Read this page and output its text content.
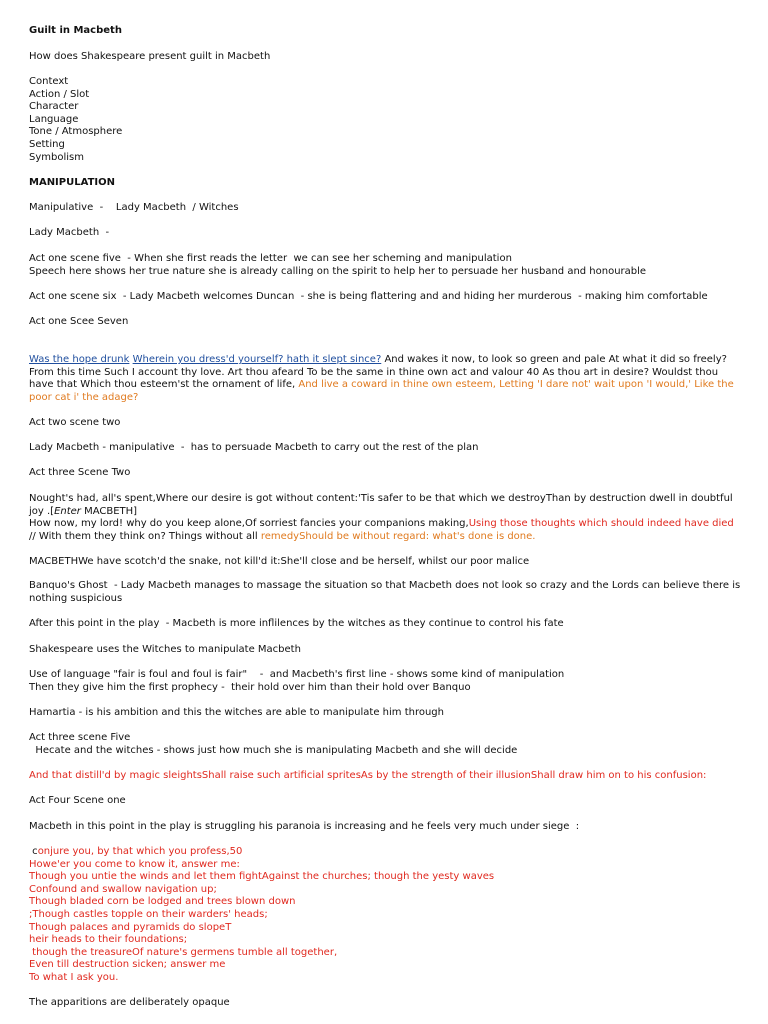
Guilt in Macbeth

How does Shakespeare present guilt in Macbeth

Context
Action / Slot
Character
Language
Tone / Atmosphere
Setting
Symbolism

MANIPULATION

Manipulative  -    Lady Macbeth  / Witches

Lady Macbeth  -

Act one scene five  - When she first reads the letter  we can see her scheming and manipulation
Speech here shows her true nature she is already calling on the spirit to help her to persuade her husband and honourable

Act one scene six  - Lady Macbeth welcomes Duncan  - she is being flattering and and hiding her murderous  - making him comfortable

Act one Scee Seven

Was the hope drunk Wherein you dress'd yourself? hath it slept since? And wakes it now, to look so green and pale At what it did so freely? From this time Such I account thy love. Art thou afeard To be the same in thine own act and valour 40 As thou art in desire? Wouldst thou have that Which thou esteem'st the ornament of life, And live a coward in thine own esteem, Letting 'I dare not' wait upon 'I would,' Like the poor cat i' the adage?

Act two scene two

Lady Macbeth - manipulative  -  has to persuade Macbeth to carry out the rest of the plan

Act three Scene Two

Nought's had, all's spent,Where our desire is got without content:'Tis safer to be that which we destroyThan by destruction dwell in doubtful joy .[Enter MACBETH]
How now, my lord! why do you keep alone,Of sorriest fancies your companions making,Using those thoughts which should indeed have died // With them they think on? Things without all remedyShould be without regard: what's done is done.

MACBETHWe have scotch'd the snake, not kill'd it:She'll close and be herself, whilst our poor malice

Banquo's Ghost  - Lady Macbeth manages to massage the situation so that Macbeth does not look so crazy and the Lords can believe there is nothing suspicious

After this point in the play  - Macbeth is more inflilences by the witches as they continue to control his fate

Shakespeare uses the Witches to manipulate Macbeth

Use of language "fair is foul and foul is fair"    -  and Macbeth's first line - shows some kind of manipulation
Then they give him the first prophecy -  their hold over him than their hold over Banquo

Hamartia - is his ambition and this the witches are able to manipulate him through

Act three scene Five
Hecate and the witches - shows just how much she is manipulating Macbeth and she will decide

And that distill'd by magic sleightsShall raise such artificial spritesAs by the strength of their illusionShall draw him on to his confusion:

Act Four Scene one

Macbeth in this point in the play is struggling his paranoia is increasing and he feels very much under siege  :

conjure you, by that which you profess,50
Howe'er you come to know it, answer me:
Though you untie the winds and let them fightAgainst the churches; though the yesty waves
Confound and swallow navigation up;
Though bladed corn be lodged and trees blown down
;Though castles topple on their warders' heads;
Though palaces and pyramids do slopeT
heir heads to their foundations;
though the treasureOf nature's germens tumble all together,
Even till destruction sicken; answer me
To what I ask you.

The apparitions are deliberately opaque
